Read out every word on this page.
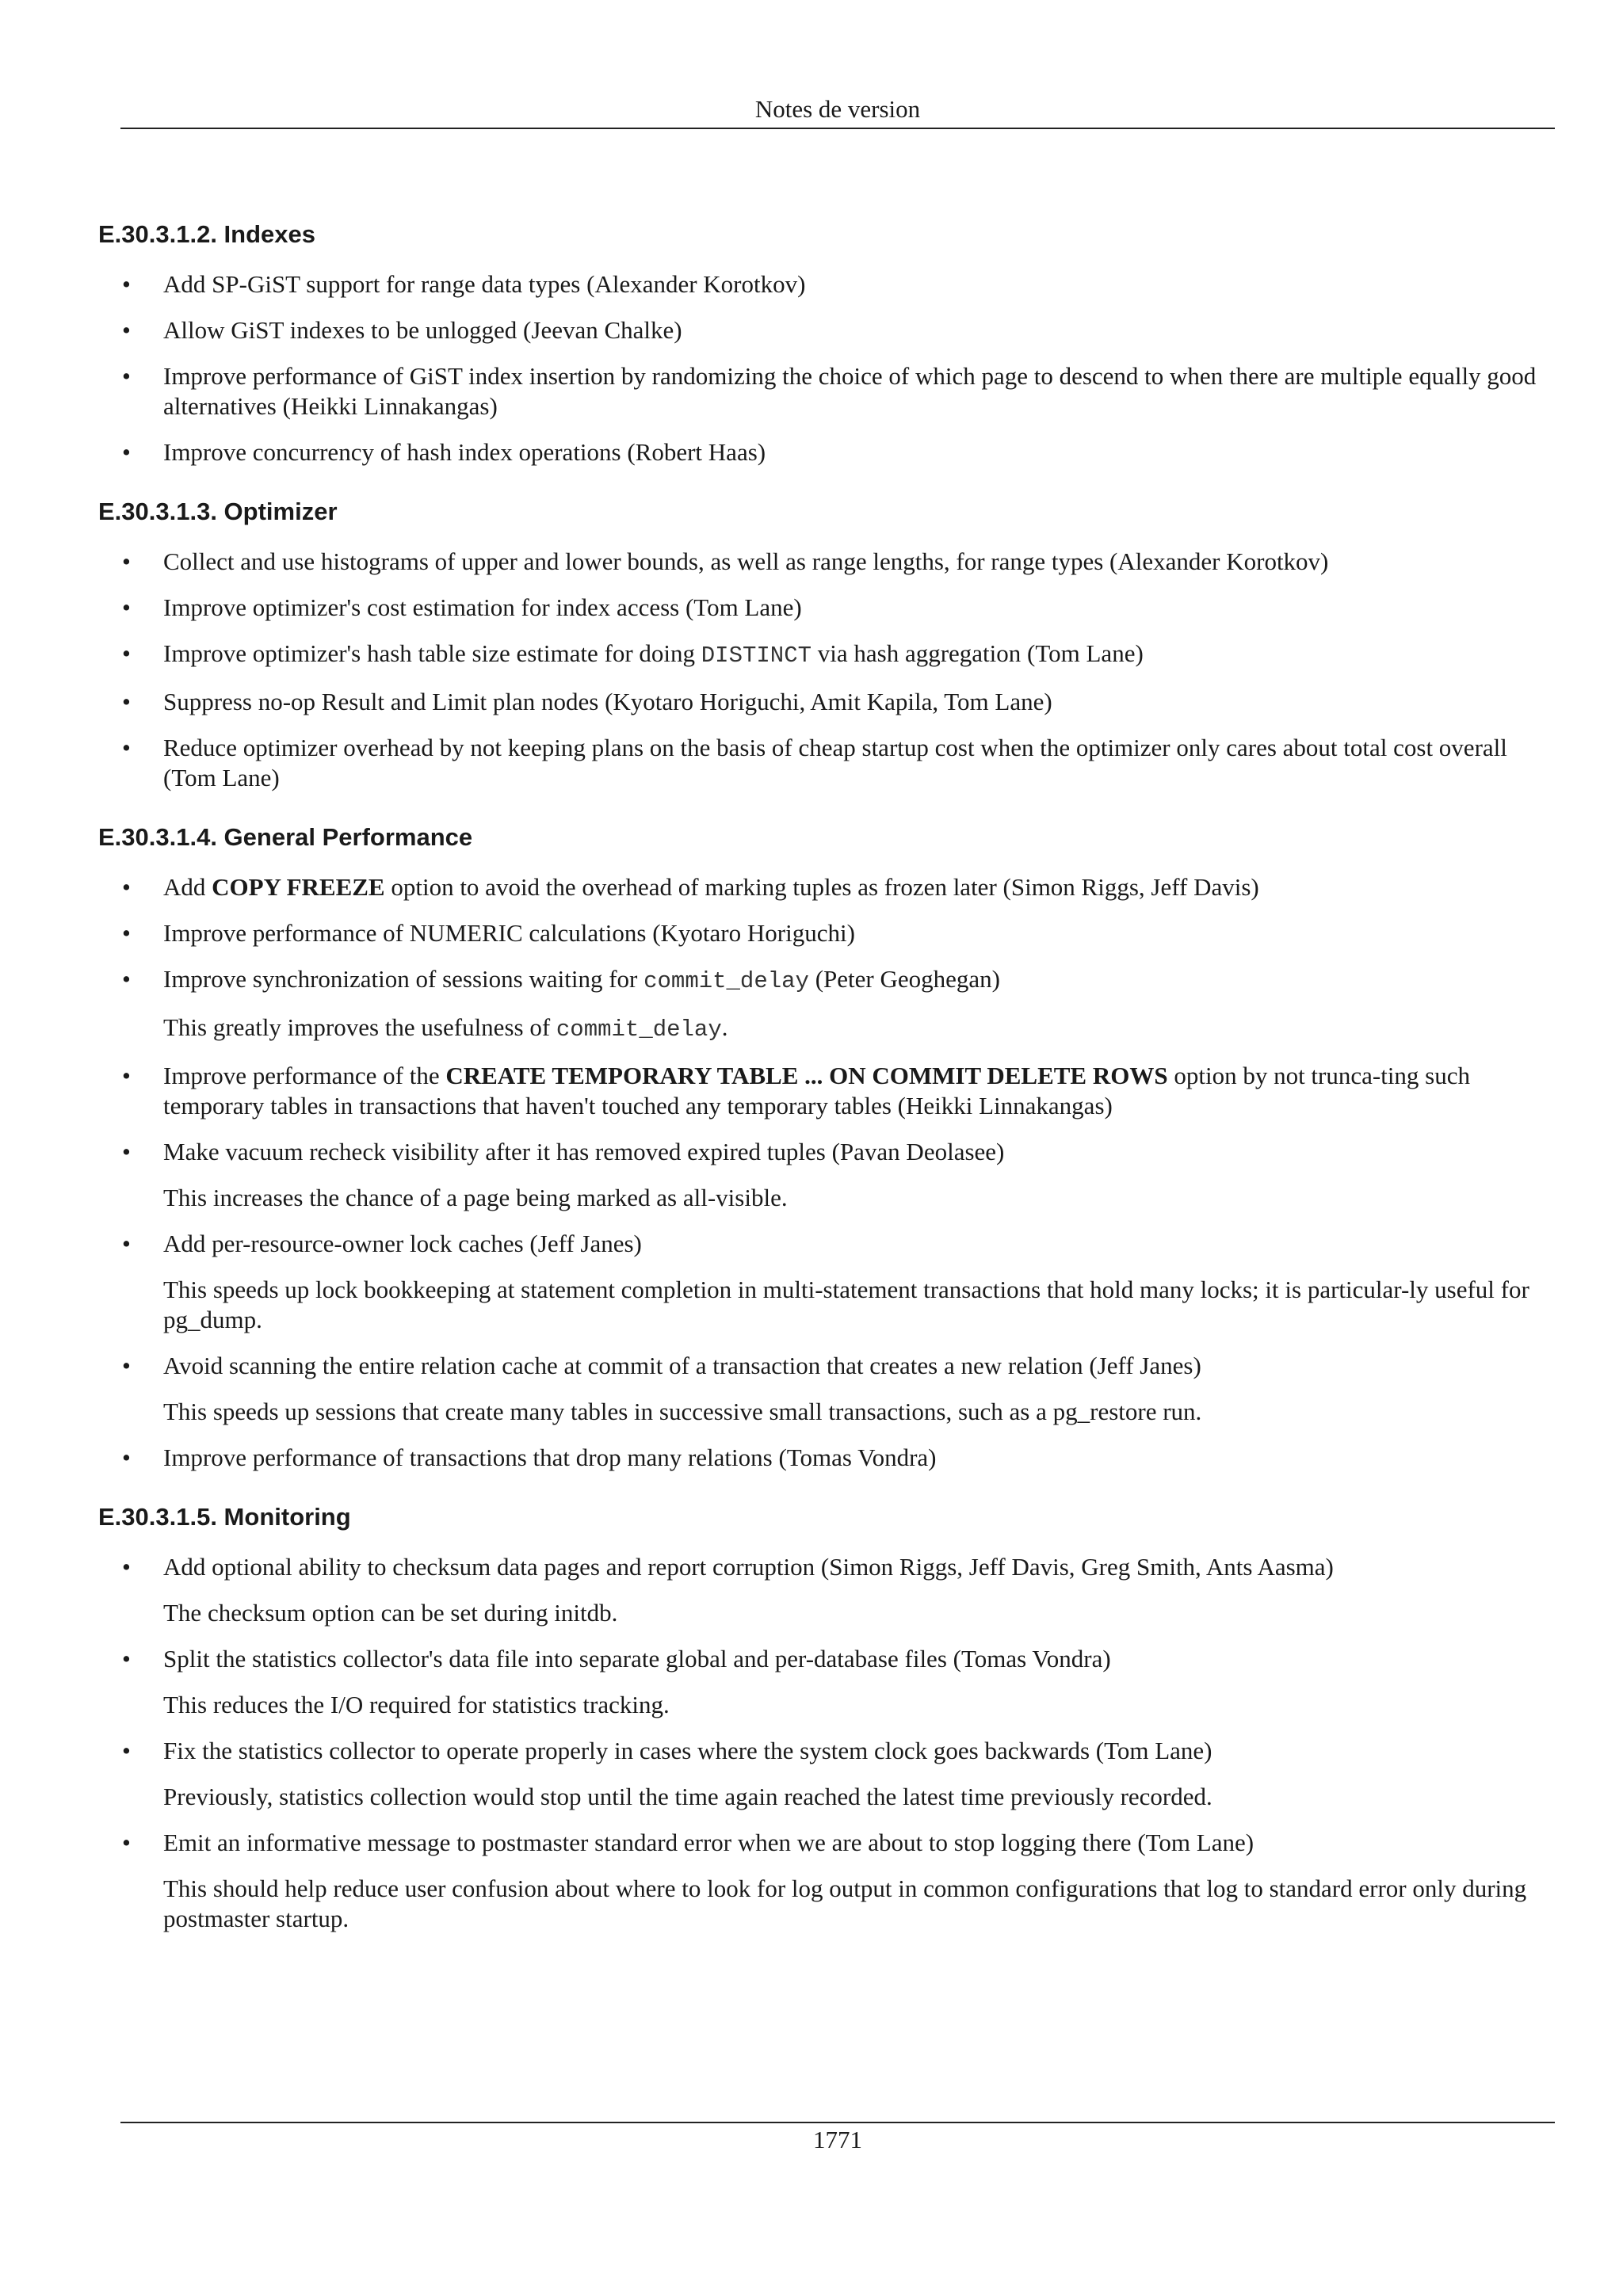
Notes de version
E.30.3.1.2. Indexes
• Add SP-GiST support for range data types (Alexander Korotkov)

• Allow GiST indexes to be unlogged (Jeevan Chalke)

• Improve performance of GiST index insertion by randomizing the choice of which page to descend to when there are multiple equally good alternatives (Heikki Linnakangas)

• Improve concurrency of hash index operations (Robert Haas)

E.30.3.1.3. Optimizer
• Collect and use histograms of upper and lower bounds, as well as range lengths, for range types (Alexander Korotkov)

• Improve optimizer's cost estimation for index access (Tom Lane)

• Improve optimizer's hash table size estimate for doing DISTINCT via hash aggregation (Tom Lane)

• Suppress no-op Result and Limit plan nodes (Kyotaro Horiguchi, Amit Kapila, Tom Lane)

• Reduce optimizer overhead by not keeping plans on the basis of cheap startup cost when the optimizer only cares about total cost overall (Tom Lane)

E.30.3.1.4. General Performance
• Add COPY FREEZE option to avoid the overhead of marking tuples as frozen later (Simon Riggs, Jeff Davis)

• Improve performance of NUMERIC calculations (Kyotaro Horiguchi)

• Improve synchronization of sessions waiting for commit_delay (Peter Geoghegan)

This greatly improves the usefulness of commit_delay.

• Improve performance of the CREATE TEMPORARY TABLE ... ON COMMIT DELETE ROWS option by not trunca-ting such temporary tables in transactions that haven't touched any temporary tables (Heikki Linnakangas)

• Make vacuum recheck visibility after it has removed expired tuples (Pavan Deolasee)

This increases the chance of a page being marked as all-visible.

• Add per-resource-owner lock caches (Jeff Janes)

This speeds up lock bookkeeping at statement completion in multi-statement transactions that hold many locks; it is particular-ly useful for pg_dump.

• Avoid scanning the entire relation cache at commit of a transaction that creates a new relation (Jeff Janes)

This speeds up sessions that create many tables in successive small transactions, such as a pg_restore run.

• Improve performance of transactions that drop many relations (Tomas Vondra)

E.30.3.1.5. Monitoring
• Add optional ability to checksum data pages and report corruption (Simon Riggs, Jeff Davis, Greg Smith, Ants Aasma)

The checksum option can be set during initdb.

• Split the statistics collector's data file into separate global and per-database files (Tomas Vondra)

This reduces the I/O required for statistics tracking.

• Fix the statistics collector to operate properly in cases where the system clock goes backwards (Tom Lane)

Previously, statistics collection would stop until the time again reached the latest time previously recorded.

• Emit an informative message to postmaster standard error when we are about to stop logging there (Tom Lane)

This should help reduce user confusion about where to look for log output in common configurations that log to standard error only during postmaster startup.

1771
